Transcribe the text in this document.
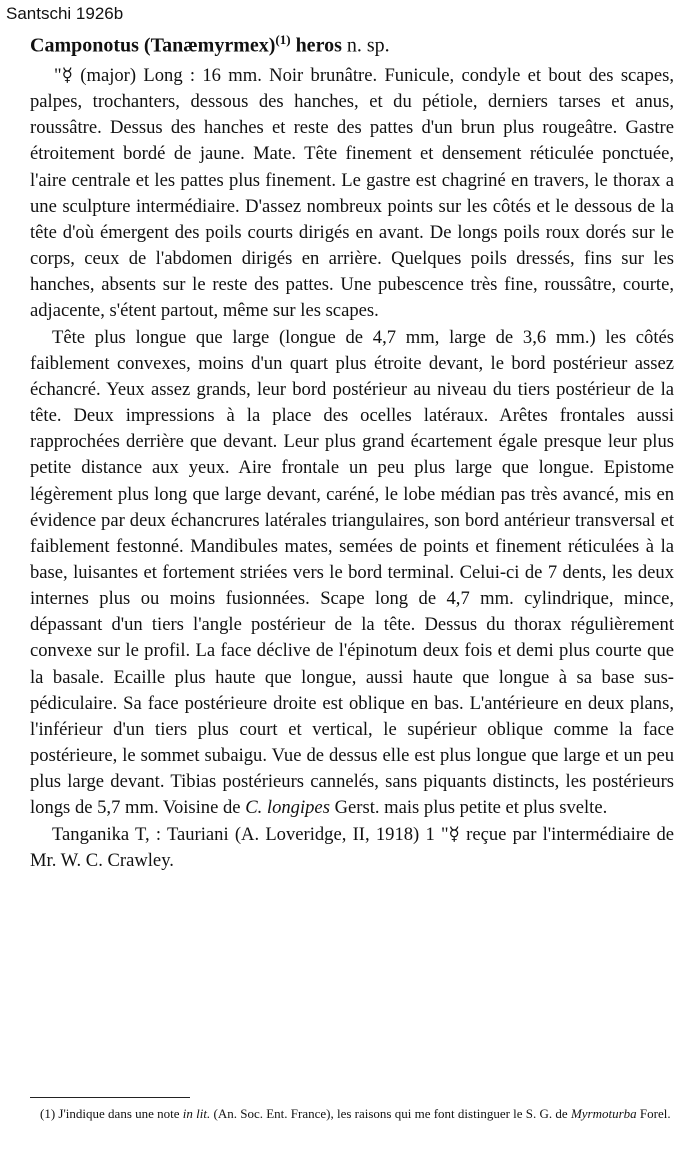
Santschi 1926b
Camponotus (Tanæmyrmex)$^{(1)}$ heros n. sp.

"☿ (major) Long : 16 mm. Noir brunâtre. Funicule, condyle et bout des scapes, palpes, trochanters, dessous des hanches, et du pétiole, derniers tarses et anus, roussâtre. Dessus des hanches et reste des pattes d'un brun plus rougeâtre. Gastre étroitement bordé de jaune. Mate. Tête finement et densement réticulée ponctuée, l'aire centrale et les pattes plus finement. Le gastre est chagriné en travers, le thorax a une sculpture intermédiaire. D'assez nombreux points sur les côtés et le dessous de la tête d'où émergent des poils courts dirigés en avant. De longs poils roux dorés sur le corps, ceux de l'abdomen dirigés en arrière. Quelques poils dressés, fins sur les hanches, absents sur le reste des pattes. Une pubescence très fine, roussâtre, courte, adjacente, s'étent partout, même sur les scapes.

Tête plus longue que large (longue de 4,7 mm, large de 3,6 mm.) les côtés faiblement convexes, moins d'un quart plus étroite devant, le bord postérieur assez échancré. Yeux assez grands, leur bord postérieur au niveau du tiers postérieur de la tête. Deux impressions à la place des ocelles latéraux. Arêtes frontales aussi rapprochées derrière que devant. Leur plus grand écartement égale presque leur plus petite distance aux yeux. Aire frontale un peu plus large que longue. Epistome légèrement plus long que large devant, caréné, le lobe médian pas très avancé, mis en évidence par deux échancrures latérales triangulaires, son bord antérieur transversal et faiblement festonné. Mandibules mates, semées de points et finement réticulées à la base, luisantes et fortement striées vers le bord terminal. Celui-ci de 7 dents, les deux internes plus ou moins fusionnées. Scape long de 4,7 mm. cylindrique, mince, dépassant d'un tiers l'angle postérieur de la tête. Dessus du thorax régulièrement convexe sur le profil. La face déclive de l'épinotum deux fois et demi plus courte que la basale. Ecaille plus haute que longue, aussi haute que longue à sa base sus-pédiculaire. Sa face postérieure droite est oblique en bas. L'antérieure en deux plans, l'inférieur d'un tiers plus court et vertical, le supérieur oblique comme la face postérieure, le sommet subaigu. Vue de dessus elle est plus longue que large et un peu plus large devant. Tibias postérieurs cannelés, sans piquants distincts, les postérieurs longs de 5,7 mm. Voisine de C. longipes Gerst. mais plus petite et plus svelte.

Tanganika T, : Tauriani (A. Loveridge, II, 1918) 1 "☿ reçue par l'intermédiaire de Mr. W. C. Crawley.

(1) J'indique dans une note in lit. (An. Soc. Ent. France), les raisons qui me font distinguer le S. G. de Myrmoturba Forel.
